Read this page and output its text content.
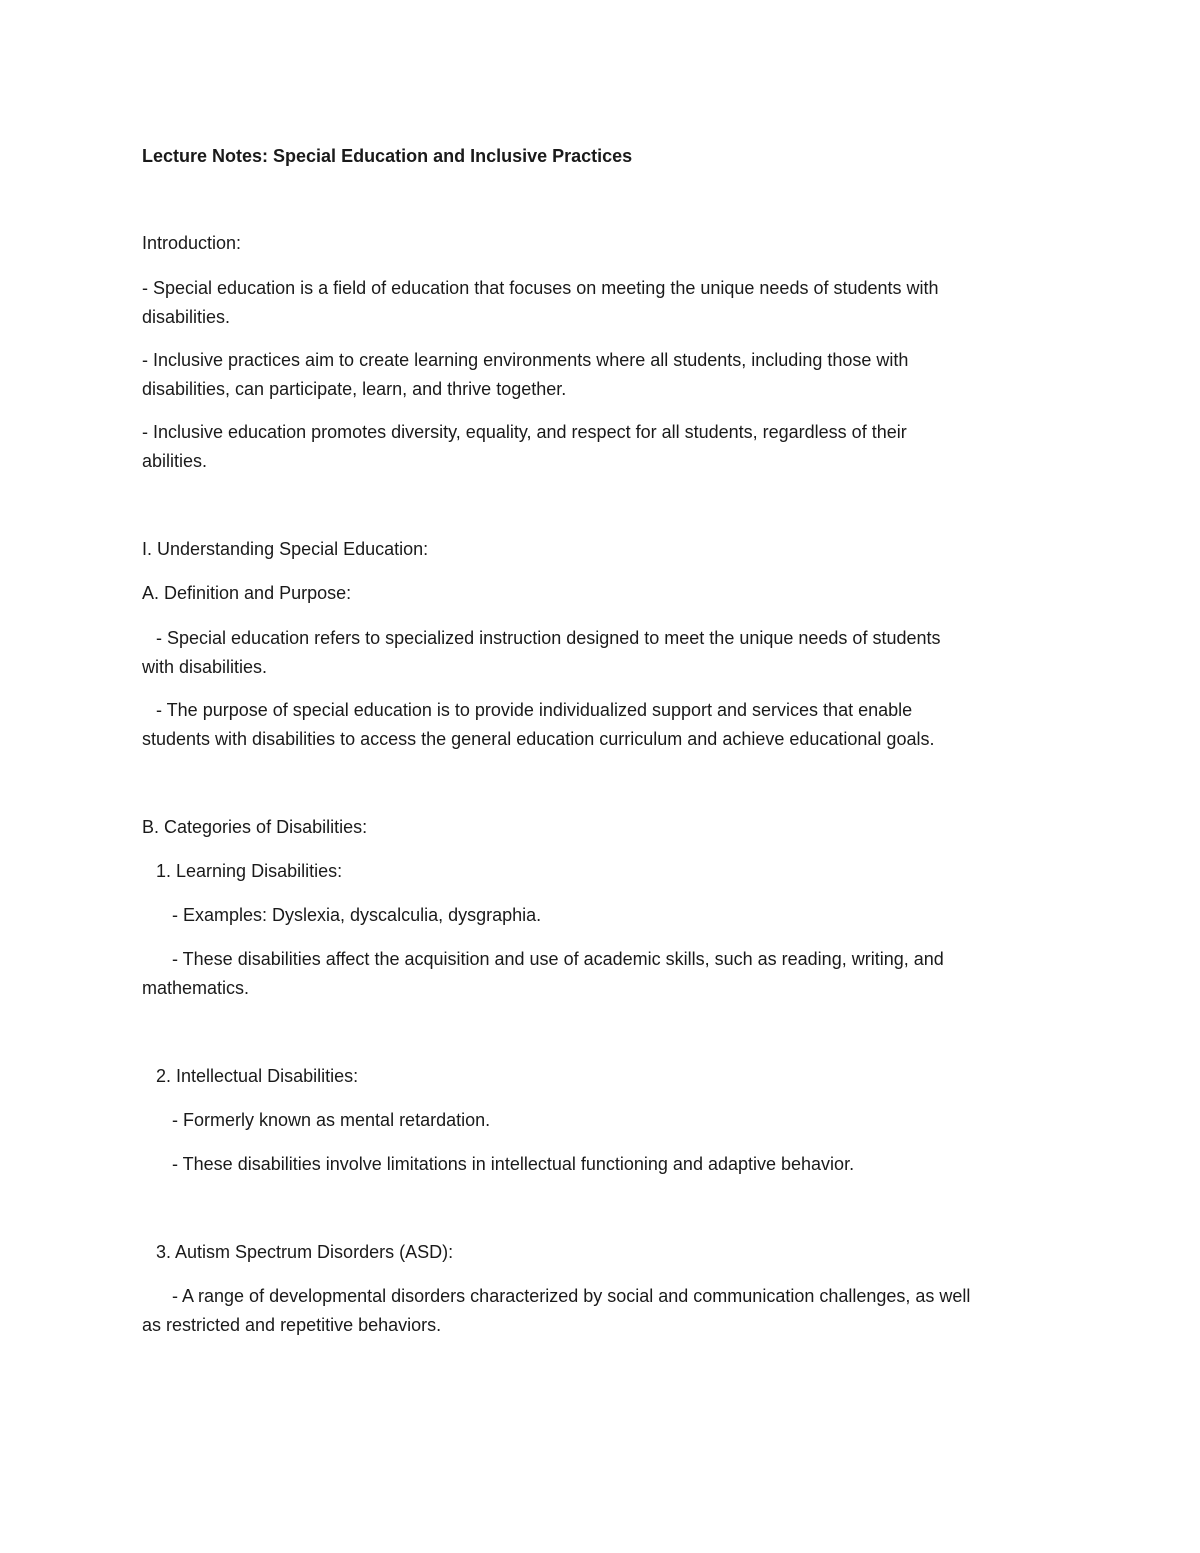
Lecture Notes: Special Education and Inclusive Practices

Introduction:

- Special education is a field of education that focuses on meeting the unique needs of students with

disabilities.

- Inclusive practices aim to create learning environments where all students, including those with

disabilities, can participate, learn, and thrive together.

- Inclusive education promotes diversity, equality, and respect for all students, regardless of their

abilities.

I. Understanding Special Education:

A. Definition and Purpose:

- Special education refers to specialized instruction designed to meet the unique needs of students

with disabilities.

- The purpose of special education is to provide individualized support and services that enable

students with disabilities to access the general education curriculum and achieve educational goals.

B. Categories of Disabilities:

1. Learning Disabilities:

- Examples: Dyslexia, dyscalculia, dysgraphia.

- These disabilities affect the acquisition and use of academic skills, such as reading, writing, and

mathematics.

2. Intellectual Disabilities:

- Formerly known as mental retardation.

- These disabilities involve limitations in intellectual functioning and adaptive behavior.

3. Autism Spectrum Disorders (ASD):

- A range of developmental disorders characterized by social and communication challenges, as well

as restricted and repetitive behaviors.
